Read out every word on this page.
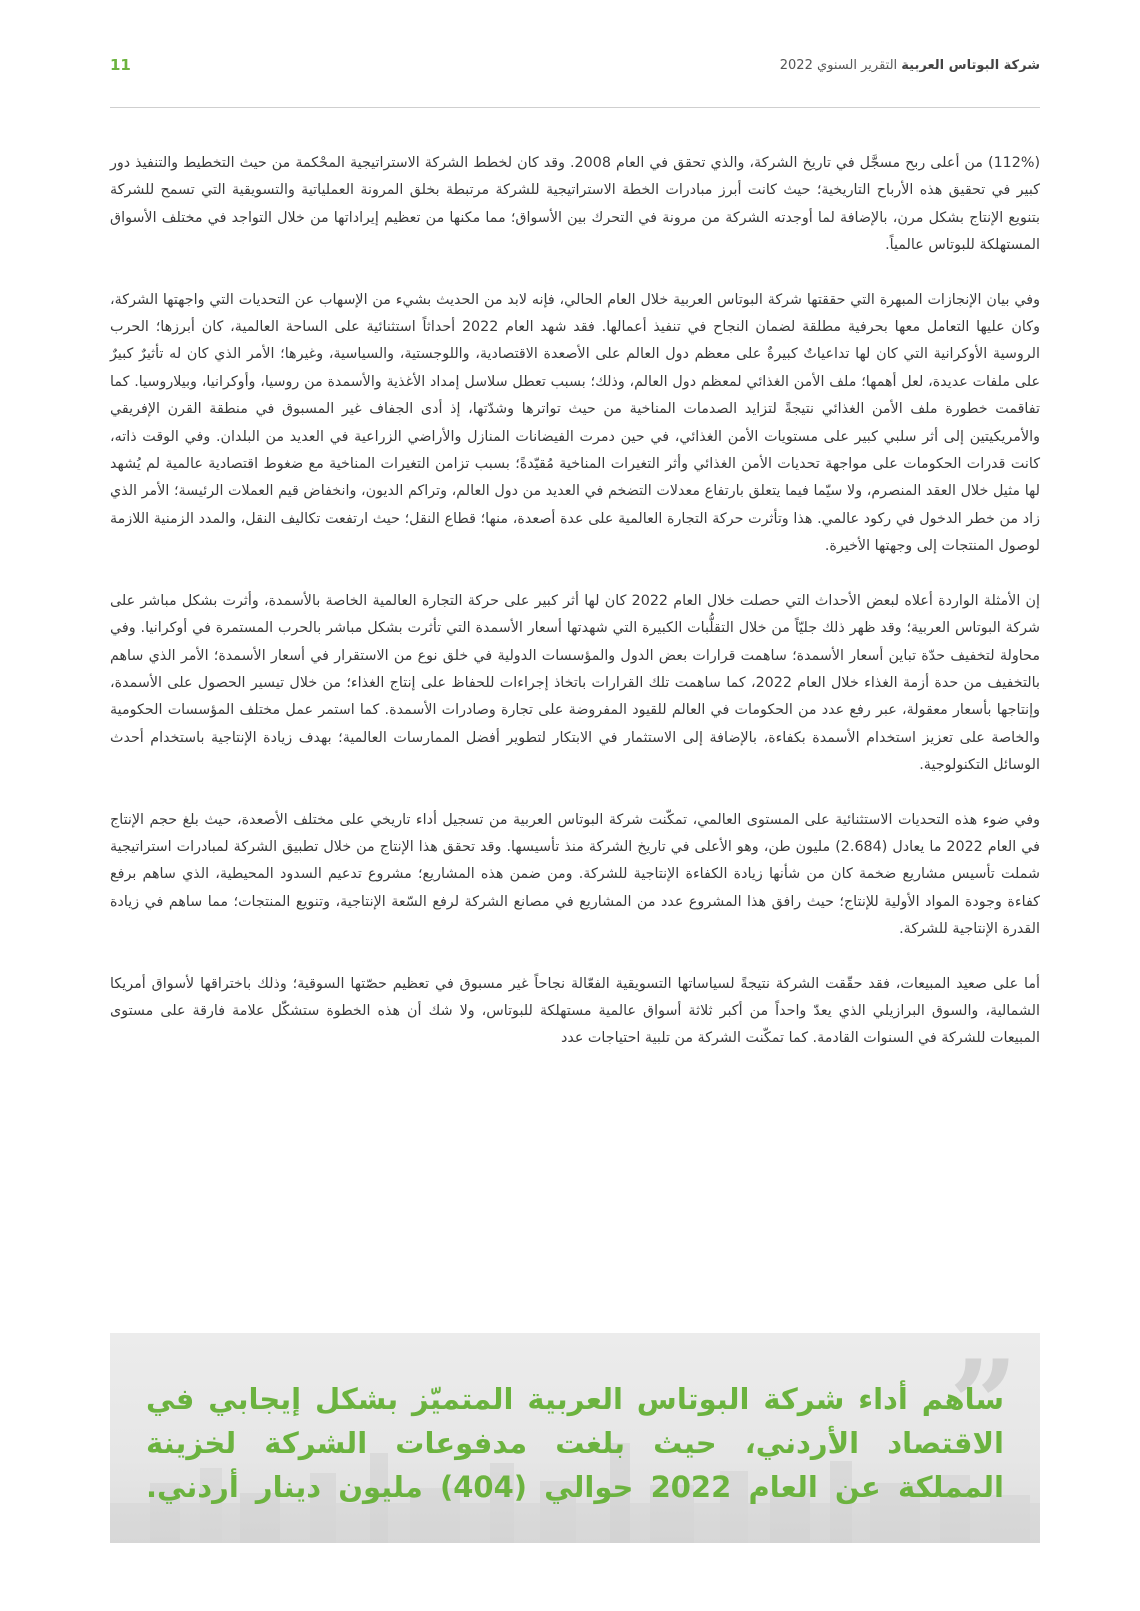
11	شركة البوتاس العربية التقرير السنوي 2022

(112%) من أعلى ربح مسجَّل في تاريخ الشركة، والذي تحقق في العام 2008. وقد كان لخطط الشركة الاستراتيجية المحْكمة من حيث التخطيط والتنفيذ دور كبير في تحقيق هذه الأرباح التاريخية؛ حيث كانت أبرز مبادرات الخطة الاستراتيجية للشركة مرتبطة بخلق المرونة العملياتية والتسويقية التي تسمح للشركة بتنويع الإنتاج بشكل مرن، بالإضافة لما أوجدته الشركة من مرونة في التحرك بين الأسواق؛ مما مكنها من تعظيم إيراداتها من خلال التواجد في مختلف الأسواق المستهلكة للبوتاس عالمياً.

وفي بيان الإنجازات المبهرة التي حققتها شركة البوتاس العربية خلال العام الحالي، فإنه لابد من الحديث بشيء من الإسهاب عن التحديات التي واجهتها الشركة، وكان عليها التعامل معها بحرفية مطلقة لضمان النجاح في تنفيذ أعمالها. فقد شهد العام 2022 أحداثاً استثنائية على الساحة العالمية، كان أبرزها؛ الحرب الروسية الأوكرانية التي كان لها تداعياتٌ كبيرةٌ على معظم دول العالم على الأصعدة الاقتصادية، واللوجستية، والسياسية، وغيرها؛ الأمر الذي كان له تأثيرٌ كبيرٌ على ملفات عديدة، لعل أهمها؛ ملف الأمن الغذائي لمعظم دول العالم، وذلك؛ بسبب تعطل سلاسل إمداد الأغذية والأسمدة من روسيا، وأوكرانيا، وبيلاروسيا. كما تفاقمت خطورة ملف الأمن الغذائي نتيجةً لتزايد الصدمات المناخية من حيث تواترها وشدّتها، إذ أدى الجفاف غير المسبوق في منطقة القرن الإفريقي والأمريكيتين إلى أثر سلبي كبير على مستويات الأمن الغذائي، في حين دمرت الفيضانات المنازل والأراضي الزراعية في العديد من البلدان. وفي الوقت ذاته، كانت قدرات الحكومات على مواجهة تحديات الأمن الغذائي وأثر التغيرات المناخية مُقيّدةً؛ بسبب تزامن التغيرات المناخية مع ضغوط اقتصادية عالمية لم يُشهد لها مثيل خلال العقد المنصرم، ولا سيّما فيما يتعلق بارتفاع معدلات التضخم في العديد من دول العالم، وتراكم الديون، وانخفاض قيم العملات الرئيسة؛ الأمر الذي زاد من خطر الدخول في ركود عالمي. هذا وتأثرت حركة التجارة العالمية على عدة أصعدة، منها؛ قطاع النقل؛ حيث ارتفعت تكاليف النقل، والمدد الزمنية اللازمة لوصول المنتجات إلى وجهتها الأخيرة.

إن الأمثلة الواردة أعلاه لبعض الأحداث التي حصلت خلال العام 2022 كان لها أثر كبير على حركة التجارة العالمية الخاصة بالأسمدة، وأثرت بشكل مباشر على شركة البوتاس العربية؛ وقد ظهر ذلك جليّاً من خلال التقلُّبات الكبيرة التي شهدتها أسعار الأسمدة التي تأثرت بشكل مباشر بالحرب المستمرة في أوكرانيا. وفي محاولة لتخفيف حدّة تباين أسعار الأسمدة؛ ساهمت قرارات بعض الدول والمؤسسات الدولية في خلق نوع من الاستقرار في أسعار الأسمدة؛ الأمر الذي ساهم بالتخفيف من حدة أزمة الغذاء خلال العام 2022، كما ساهمت تلك القرارات باتخاذ إجراءات للحفاظ على إنتاج الغذاء؛ من خلال تيسير الحصول على الأسمدة، وإنتاجها بأسعار معقولة، عبر رفع عدد من الحكومات في العالم للقيود المفروضة على تجارة وصادرات الأسمدة. كما استمر عمل مختلف المؤسسات الحكومية والخاصة على تعزيز استخدام الأسمدة بكفاءة، بالإضافة إلى الاستثمار في الابتكار لتطوير أفضل الممارسات العالمية؛ بهدف زيادة الإنتاجية باستخدام أحدث الوسائل التكنولوجية.

وفي ضوء هذه التحديات الاستثنائية على المستوى العالمي، تمكّنت شركة البوتاس العربية من تسجيل أداء تاريخي على مختلف الأصعدة، حيث بلغ حجم الإنتاج في العام 2022 ما يعادل (2.684) مليون طن، وهو الأعلى في تاريخ الشركة منذ تأسيسها. وقد تحقق هذا الإنتاج من خلال تطبيق الشركة لمبادرات استراتيجية شملت تأسيس مشاريع ضخمة كان من شأنها زيادة الكفاءة الإنتاجية للشركة. ومن ضمن هذه المشاريع؛ مشروع تدعيم السدود المحيطية، الذي ساهم برفع كفاءة وجودة المواد الأولية للإنتاج؛ حيث رافق هذا المشروع عدد من المشاريع في مصانع الشركة لرفع السّعة الإنتاجية، وتنويع المنتجات؛ مما ساهم في زيادة القدرة الإنتاجية للشركة.

أما على صعيد المبيعات، فقد حقّقت الشركة نتيجةً لسياساتها التسويقية الفعّالة نجاحاً غير مسبوق في تعظيم حصّتها السوقية؛ وذلك باختراقها لأسواق أمريكا الشمالية، والسوق البرازيلي الذي يعدّ واحداً من أكبر ثلاثة أسواق عالمية مستهلكة للبوتاس، ولا شك أن هذه الخطوة ستشكّل علامة فارقة على مستوى المبيعات للشركة في السنوات القادمة. كما تمكّنت الشركة من تلبية احتياجات عدد

”

ساهم أداء شركة البوتاس العربية المتميّز بشكل إيجابي في الاقتصاد الأردني، حيث بلغت مدفوعات الشركة لخزينة المملكة عن العام 2022 حوالي (404) مليون دينار أردني.
